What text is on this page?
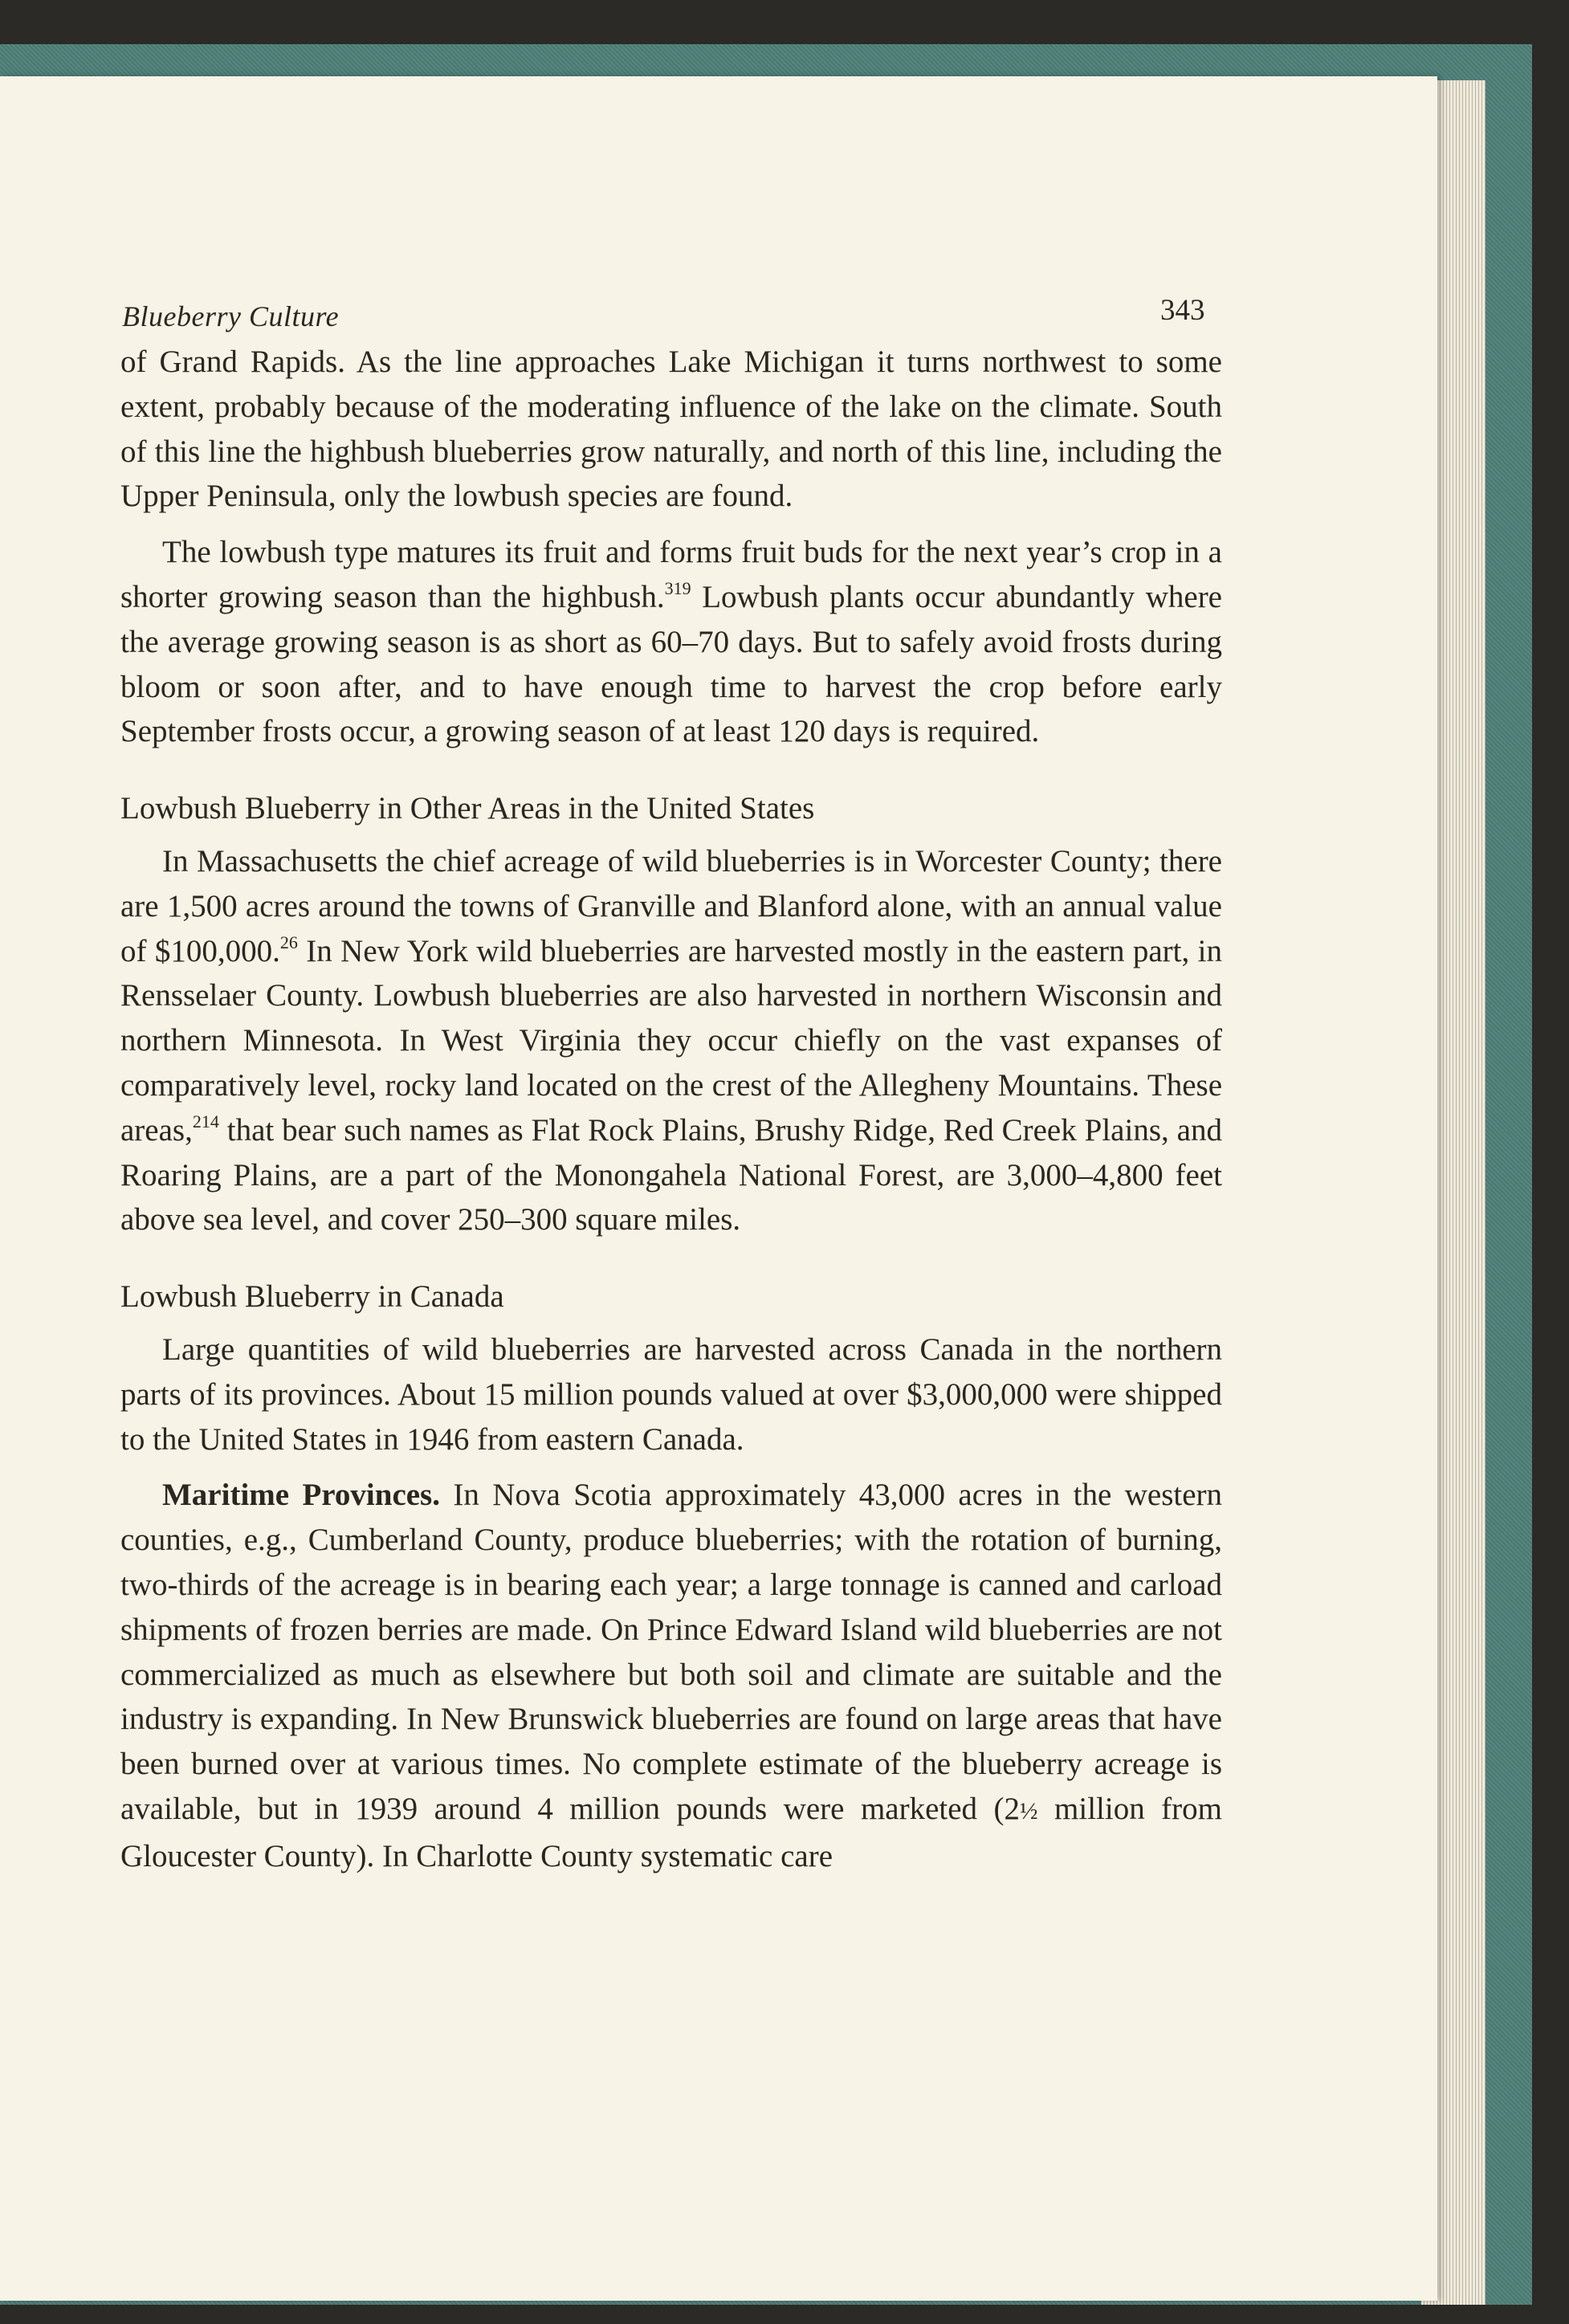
Blueberry Culture	343

of Grand Rapids. As the line approaches Lake Michigan it turns northwest to some extent, probably because of the moderating influence of the lake on the climate. South of this line the highbush blueberries grow naturally, and north of this line, including the Upper Peninsula, only the lowbush species are found.

The lowbush type matures its fruit and forms fruit buds for the next year’s crop in a shorter growing season than the highbush.$^{319}$ Lowbush plants occur abundantly where the average growing season is as short as 60–70 days. But to safely avoid frosts during bloom or soon after, and to have enough time to harvest the crop before early September frosts occur, a growing season of at least 120 days is required.

Lowbush Blueberry in Other Areas in the United States

In Massachusetts the chief acreage of wild blueberries is in Worcester County; there are 1,500 acres around the towns of Granville and Blanford alone, with an annual value of $100,000.26 In New York wild blueberries are harvested mostly in the eastern part, in Rensselaer County. Lowbush blueberries are also harvested in northern Wisconsin and northern Minnesota. In West Virginia they occur chiefly on the vast expanses of comparatively level, rocky land located on the crest of the Allegheny Mountains. These areas,$^{214}$ that bear such names as Flat Rock Plains, Brushy Ridge, Red Creek Plains, and Roaring Plains, are a part of the Monongahela National Forest, are 3,000–4,800 feet above sea level, and cover 250–300 square miles.

Lowbush Blueberry in Canada

Large quantities of wild blueberries are harvested across Canada in the northern parts of its provinces. About 15 million pounds valued at over $3,000,000 were shipped to the United States in 1946 from eastern Canada.

Maritime Provinces. In Nova Scotia approximately 43,000 acres in the western counties, e.g., Cumberland County, produce blueberries; with the rotation of burning, two-thirds of the acreage is in bearing each year; a large tonnage is canned and carload shipments of frozen berries are made. On Prince Edward Island wild blueberries are not commercialized as much as elsewhere but both soil and climate are suitable and the industry is expanding. In New Brunswick blueberries are found on large areas that have been burned over at various times. No complete estimate of the blueberry acreage is available, but in 1939 around 4 million pounds were marketed (2½ million from Gloucester County). In Charlotte County systematic care
